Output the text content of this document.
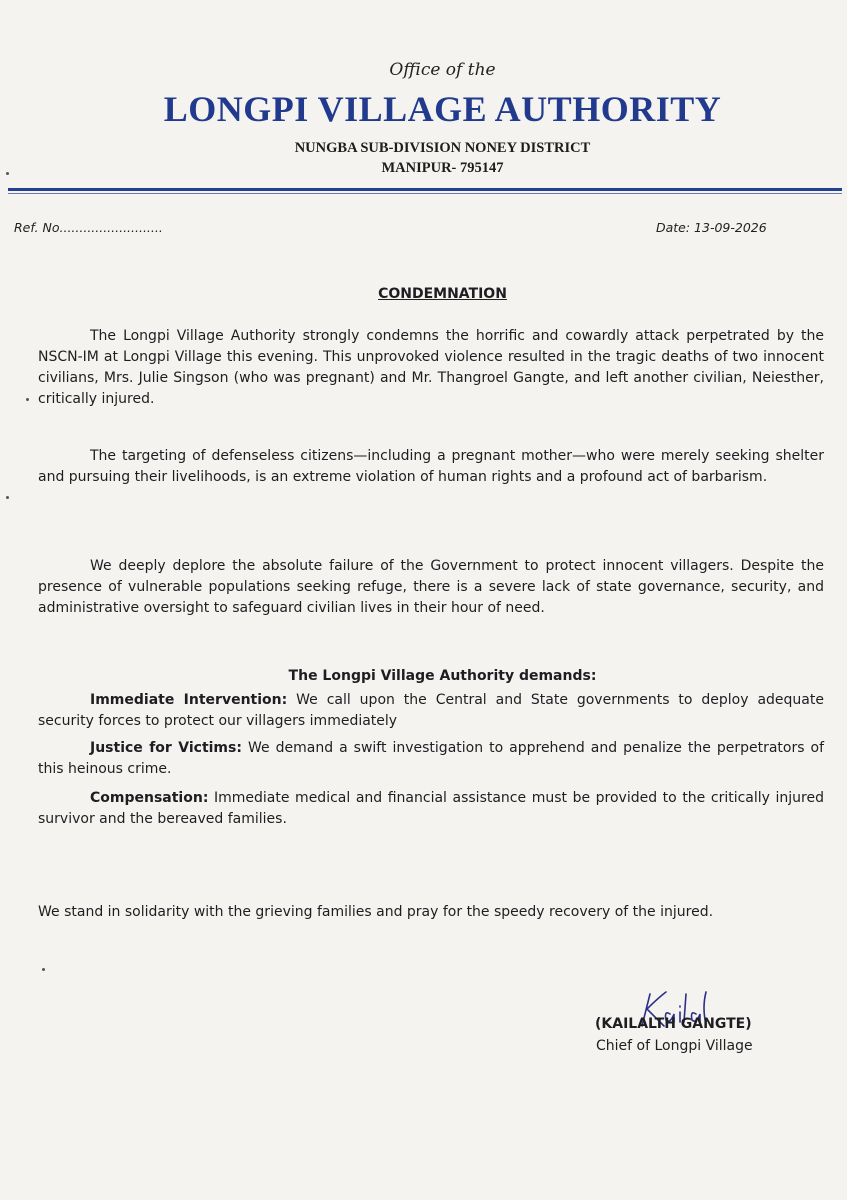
Office of the
LONGPI VILLAGE AUTHORITY
NUNGBA SUB-DIVISION NONEY DISTRICT
MANIPUR- 795147
Ref. No..........................	Date: 13-09-2026
CONDEMNATION

The Longpi Village Authority strongly condemns the horrific and cowardly attack perpetrated by the NSCN-IM at Longpi Village this evening. This unprovoked violence resulted in the tragic deaths of two innocent civilians, Mrs. Julie Singson (who was pregnant) and Mr. Thangroel Gangte, and left another civilian, Neiesther, critically injured.

The targeting of defenseless citizens—including a pregnant mother—who were merely seeking shelter and pursuing their livelihoods, is an extreme violation of human rights and a profound act of barbarism.

We deeply deplore the absolute failure of the Government to protect innocent villagers. Despite the presence of vulnerable populations seeking refuge, there is a severe lack of state governance, security, and administrative oversight to safeguard civilian lives in their hour of need.

The Longpi Village Authority demands:

Immediate Intervention: We call upon the Central and State governments to deploy adequate security forces to protect our villagers immediately

Justice for Victims: We demand a swift investigation to apprehend and penalize the perpetrators of this heinous crime.

Compensation: Immediate medical and financial assistance must be provided to the critically injured survivor and the bereaved families.

We stand in solidarity with the grieving families and pray for the speedy recovery of the injured.
(KAILALTH GANGTE)
Chief of Longpi Village
